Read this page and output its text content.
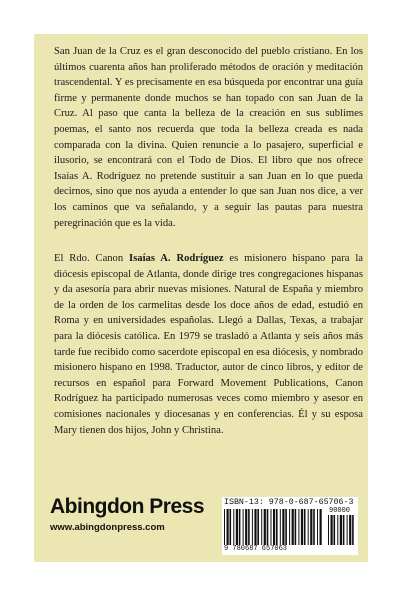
San Juan de la Cruz es el gran desconocido del pueblo cristiano. En los últimos cuarenta años han proliferado métodos de oración y meditación trascendental. Y es precisamente en esa búsqueda por encontrar una guía firme y permanente donde muchos se han topado con san Juan de la Cruz. Al paso que canta la belleza de la creación en sus sublimes poemas, el santo nos recuerda que toda la belleza creada es nada comparada con la divina. Quien renuncie a lo pasajero, superficial e ilusorio, se encontrará con el Todo de Dios. El libro que nos ofrece Isaías A. Rodríguez no pretende sustituir a san Juan en lo que pueda decirnos, sino que nos ayuda a entender lo que san Juan nos dice, a ver los caminos que va señalando, y a seguir las pautas para nuestra peregrinación que es la vida.

El Rdo. Canon Isaías A. Rodríguez es misionero hispano para la diócesis episcopal de Atlanta, donde dirige tres congregaciones hispanas y da asesoría para abrir nuevas misiones. Natural de España y miembro de la orden de los carmelitas desde los doce años de edad, estudió en Roma y en universidades españolas. Llegó a Dallas, Texas, a trabajar para la diócesis católica. En 1979 se trasladó a Atlanta y seis años más tarde fue recibido como sacerdote episcopal en esa diócesis, y nombrado misionero hispano en 1998. Traductor, autor de cinco libros, y editor de recursos en español para Forward Movement Publications, Canon Rodríguez ha participado numerosas veces como miembro y asesor en comisiones nacionales y diocesanas y en conferencias. Él y su esposa Mary tienen dos hijos, John y Christina.

Abingdon Press
www.abingdonpress.com
ISBN-13: 978-0-687-65706-3
90000
9 780687 657063
